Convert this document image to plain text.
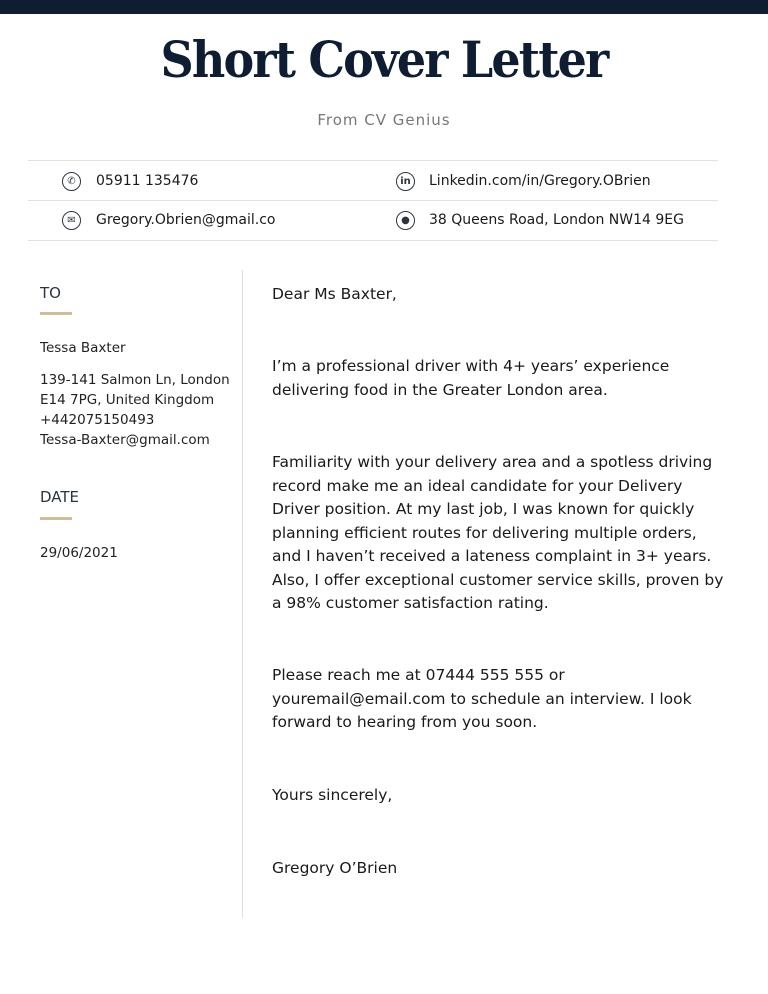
Short Cover Letter
From CV Genius
✆	05911 135476	in	Linkedin.com/in/Gregory.OBrien
✉	Gregory.Obrien@gmail.co	●	38 Queens Road, London NW14 9EG
TO
Tessa Baxter
139-141 Salmon Ln, London
E14 7PG, United Kingdom
+442075150493
Tessa-Baxter@gmail.com
DATE
29/06/2021
Dear Ms Baxter,
I’m a professional driver with 4+ years’ experience
delivering food in the Greater London area.
Familiarity with your delivery area and a spotless driving
record make me an ideal candidate for your Delivery
Driver position. At my last job, I was known for quickly
planning efficient routes for delivering multiple orders,
and I haven’t received a lateness complaint in 3+ years.
Also, I offer exceptional customer service skills, proven by
a 98% customer satisfaction rating.
Please reach me at 07444 555 555 or
youremail@email.com to schedule an interview. I look
forward to hearing from you soon.
Yours sincerely,
Gregory O’Brien
